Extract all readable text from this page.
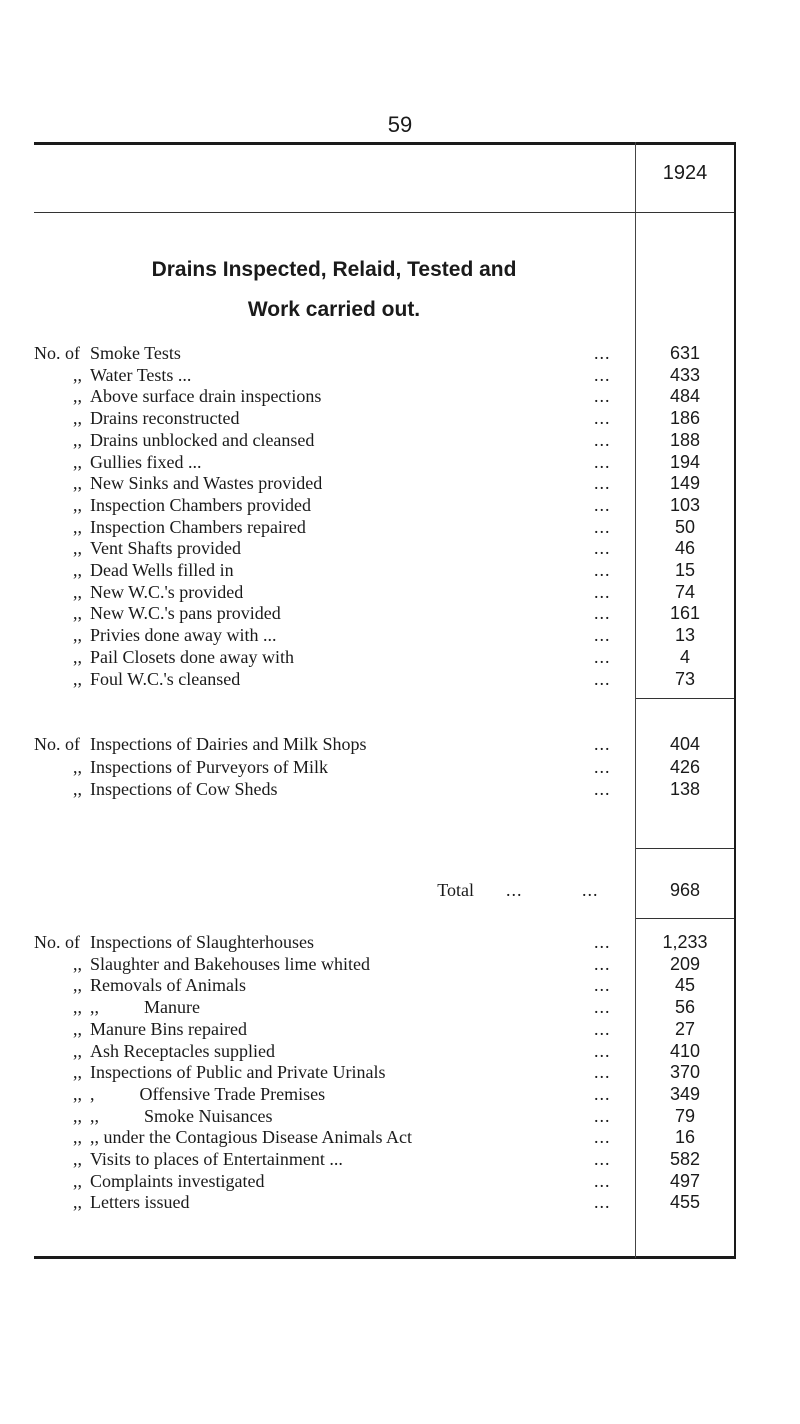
59
1924
Drains Inspected, Relaid, Tested and
Work carried out.
No. of Smoke Tests	...	631
,, Water Tests ...	...	433
,, Above surface drain inspections	...	484
,, Drains reconstructed	...	186
,, Drains unblocked and cleansed	...	188
,, Gullies fixed ...	...	194
,, New Sinks and Wastes provided	...	149
,, Inspection Chambers provided	...	103
,, Inspection Chambers repaired	...	50
,, Vent Shafts provided	...	46
,, Dead Wells filled in	...	15
,, New W.C.'s provided	...	74
,, New W.C.'s pans provided	...	161
,, Privies done away with ...	...	13
,, Pail Closets done away with	...	4
,, Foul W.C.'s cleansed	...	73
No. of Inspections of Dairies and Milk Shops	...	404
,, Inspections of Purveyors of Milk	...	426
,, Inspections of Cow Sheds	...	138
Total ...	...	968
No. of Inspections of Slaughterhouses	...	1,233
,, Slaughter and Bakehouses lime whited	...	209
,, Removals of Animals	...	45
,, ,,          Manure	...	56
,, Manure Bins repaired	...	27
,, Ash Receptacles supplied	...	410
,, Inspections of Public and Private Urinals	...	370
,, ,          Offensive Trade Premises	...	349
,, ,,          Smoke Nuisances	...	79
,, ,, under the Contagious Disease Animals Act	...	16
,, Visits to places of Entertainment ...	...	582
,, Complaints investigated	...	497
,, Letters issued	...	455
